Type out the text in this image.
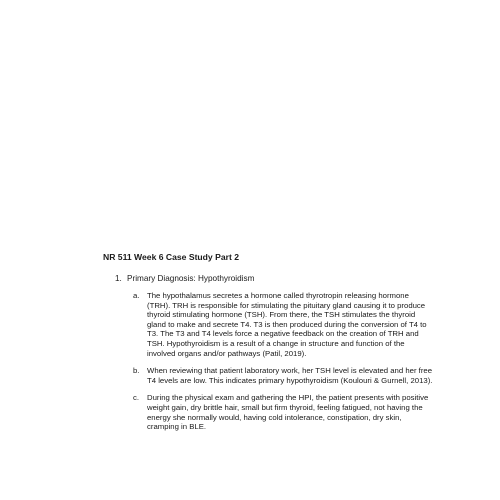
NR 511 Week 6 Case Study Part 2
1. Primary Diagnosis: Hypothyroidism
a. The hypothalamus secretes a hormone called thyrotropin releasing hormone (TRH). TRH is responsible for stimulating the pituitary gland causing it to produce thyroid stimulating hormone (TSH). From there, the TSH stimulates the thyroid gland to make and secrete T4. T3 is then produced during the conversion of T4 to T3. The T3 and T4 levels force a negative feedback on the creation of TRH and TSH. Hypothyroidism is a result of a change in structure and function of the involved organs and/or pathways (Patil, 2019).
b. When reviewing that patient laboratory work, her TSH level is elevated and her free T4 levels are low. This indicates primary hypothyroidism (Koulouri & Gurnell, 2013).
c. During the physical exam and gathering the HPI, the patient presents with positive weight gain, dry brittle hair, small but firm thyroid, feeling fatigued, not having the energy she normally would, having cold intolerance, constipation, dry skin, cramping in BLE.
